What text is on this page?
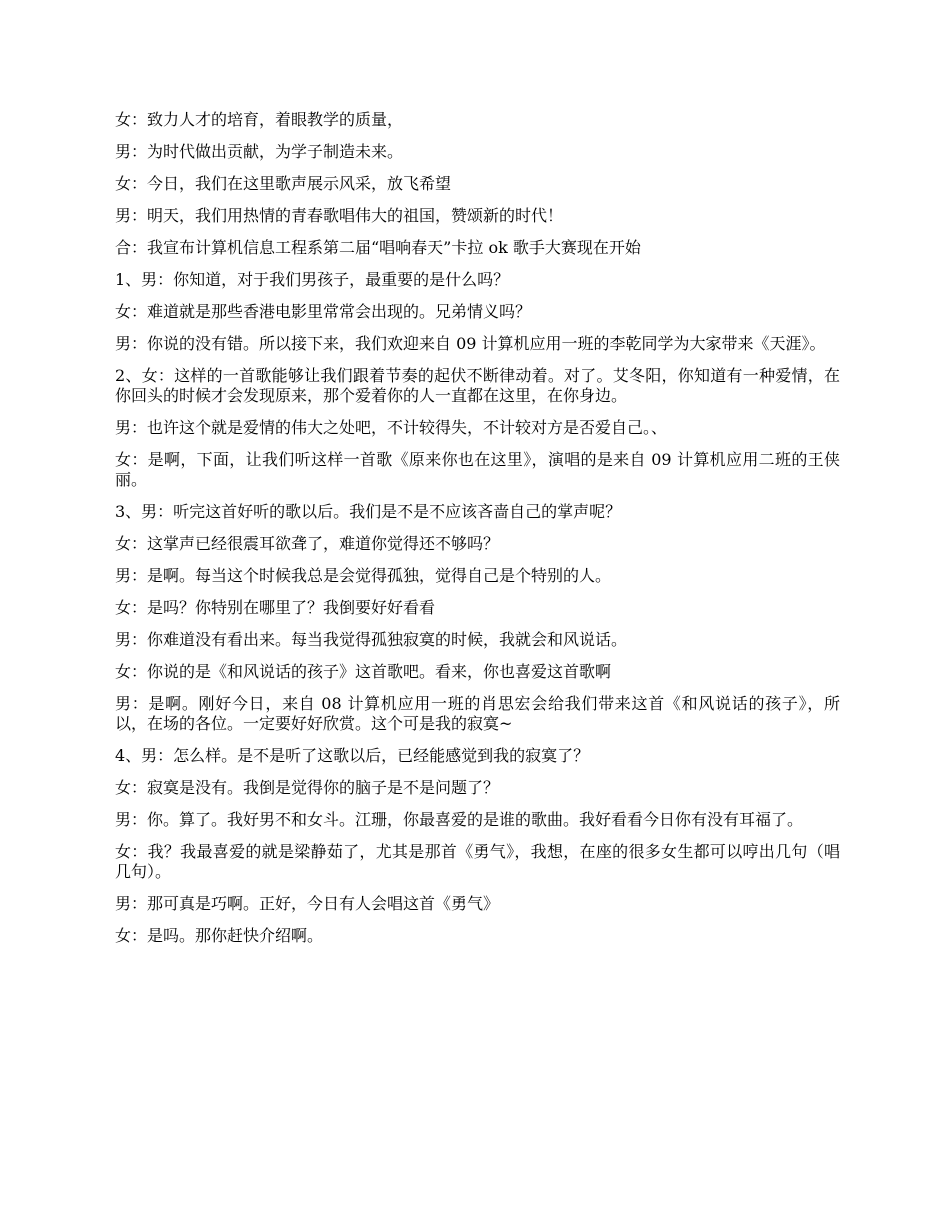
女：致力人才的培育，着眼教学的质量，

男：为时代做出贡献，为学子制造未来。

女：今日，我们在这里歌声展示风采，放飞希望

男：明天，我们用热情的青春歌唱伟大的祖国，赞颂新的时代！

合：我宣布计算机信息工程系第二届“唱响春天”卡拉 ok 歌手大赛现在开始

1、男：你知道，对于我们男孩子，最重要的是什么吗？

女：难道就是那些香港电影里常常会出现的。兄弟情义吗？

男：你说的没有错。所以接下来，我们欢迎来自 09 计算机应用一班的李乾同学为大家带来《天涯》。

2、女：这样的一首歌能够让我们跟着节奏的起伏不断律动着。对了。艾冬阳，你知道有一种爱情，在你回头的时候才会发现原来，那个爱着你的人一直都在这里，在你身边。

男：也许这个就是爱情的伟大之处吧，不计较得失，不计较对方是否爱自己。、

女：是啊，下面，让我们听这样一首歌《原来你也在这里》，演唱的是来自 09 计算机应用二班的王侠丽。

3、男：听完这首好听的歌以后。我们是不是不应该吝啬自己的掌声呢？

女：这掌声已经很震耳欲聋了，难道你觉得还不够吗？

男：是啊。每当这个时候我总是会觉得孤独，觉得自己是个特别的人。

女：是吗？你特别在哪里了？我倒要好好看看

男：你难道没有看出来。每当我觉得孤独寂寞的时候，我就会和风说话。

女：你说的是《和风说话的孩子》这首歌吧。看来，你也喜爱这首歌啊

男：是啊。刚好今日，来自 08 计算机应用一班的肖思宏会给我们带来这首《和风说话的孩子》，所以，在场的各位。一定要好好欣赏。这个可是我的寂寞~

4、男：怎么样。是不是听了这歌以后，已经能感觉到我的寂寞了？

女：寂寞是没有。我倒是觉得你的脑子是不是问题了？

男：你。算了。我好男不和女斗。江珊，你最喜爱的是谁的歌曲。我好看看今日你有没有耳福了。

女：我？我最喜爱的就是梁静茹了，尤其是那首《勇气》，我想，在座的很多女生都可以哼出几句（唱几句）。

男：那可真是巧啊。正好，今日有人会唱这首《勇气》

女：是吗。那你赶快介绍啊。
